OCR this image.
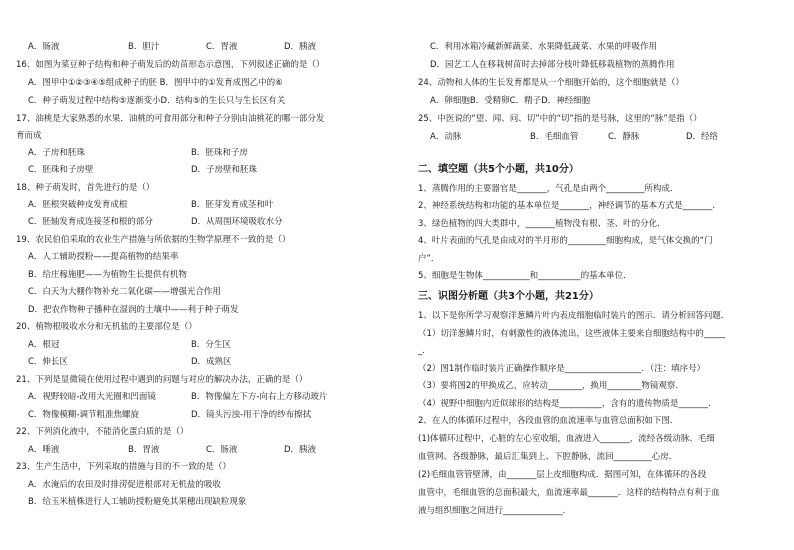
A．肠液	B．胆汁	C．胃液	D．胰液
16、如图为菜豆种子结构和种子萌发后的幼苗形态示意图，下列叙述正确的是（）
A．图甲中①②③④⑤组成种子的胚 B．图甲中的①发育成图乙中的⑥
C．种子萌发过程中结构⑤逐渐变小D．结构⑤的生长只与生长区有关
17、油桃是大家熟悉的水果．油桃的可食用部分和种子分别由油桃花的哪一部分发
育而成
A．子房和胚珠	B．胚珠和子房
C．胚珠和子房壁	D．子房壁和胚珠
18、种子萌发时，首先进行的是（）
A．胚根突破种皮发育成根	B．胚芽发育成茎和叶
C．胚轴发育成连接茎和根的部分	D．从周围环境吸收水分
19、农民伯伯采取的农业生产措施与所依据的生物学原理不一致的是（）
A．人工辅助授粉——提高植物的结果率
B．给庄稼施肥——为植物生长提供有机物
C．白天为大棚作物补充二氧化碳——增强光合作用
D．把农作物种子播种在湿润的土壤中——利于种子萌发
20、植物根吸收水分和无机盐的主要部位是（）
A．根冠	B．分生区
C．伸长区	D．成熟区
21、下列是显微镜在使用过程中遇到的问题与对应的解决办法，正确的是（）
A．视野较暗-改用大光圈和凹面镜	B．物像偏左下方-向右上方移动玻片
C．物像模糊-调节粗准焦螺旋	D．镜头污浊-用干净的纱布擦拭
22、下列消化液中，不能消化蛋白质的是（）
A．唾液	B．胃液	C．肠液	D．胰液
23、生产生活中，下列采取的措施与目的不一致的是（）
A．水淹后的农田及时排涝促进根部对无机盐的吸收
B．给玉米植株进行人工辅助授粉避免其果穗出现缺粒现象
C．利用冰箱冷藏新鲜蔬菜、水果降低蔬菜、水果的呼吸作用
D．园艺工人在移栽树苗时去掉部分枝叶降低移栽植物的蒸腾作用
24、动物和人体的生长发育都是从一个细胞开始的，这个细胞就是（）
A．卵细胞B．受精卵C．精子D．神经细胞
25、中医说的“望、闻、问、切”中的“切”指的是号脉，这里的“脉”是指（）
A．动脉	B．毛细血管	C．静脉	D．经络
二、填空题（共5个小题，共10分）
1、蒸腾作用的主要器官是_______，气孔是由两个_________所构成．
2、神经系统结构和功能的基本单位是_______，神经调节的基本方式是_______.
3、绿色植物的四大类群中，_______植物没有根、茎、叶的分化．
4、叶片表面的气孔是由成对的半月形的_________细胞构成，是气体交换的“门
户”．
5、细胞是生物体___________和__________的基本单位．
三、识图分析题（共3个小题，共21分）
1、以下是你所学习观察洋葱鳞片叶内表皮细胞临时装片的图示．请分析回答问题．
（1）切洋葱鳞片时，有刺激性的液体流出，这些液体主要来自细胞结构中的_____
_.
（2）图1制作临时装片正确操作顺序是__________________．（注：填序号）
（3）要将图2的甲换成乙，应转动________，换用________物镜观察．
（4）视野中细胞内近似球形的结构是__________，含有的遗传物质是_______.
2、在人的体循环过程中，各段血管的血流速率与血管总面积如下图．
(1)体循环过程中，心脏的左心室收缩，血液进入_______，流经各级动脉、毛细
血管网、各级静脉，最后汇集到上、下腔静脉，流回_________心房．
(2)毛细血管管壁薄，由_______层上皮细胞构成．据图可知，在体循环的各段
血管中，毛细血管的总面积最大，血流速率最_______．这样的结构特点有利于血
液与组织细胞之间进行______________.
